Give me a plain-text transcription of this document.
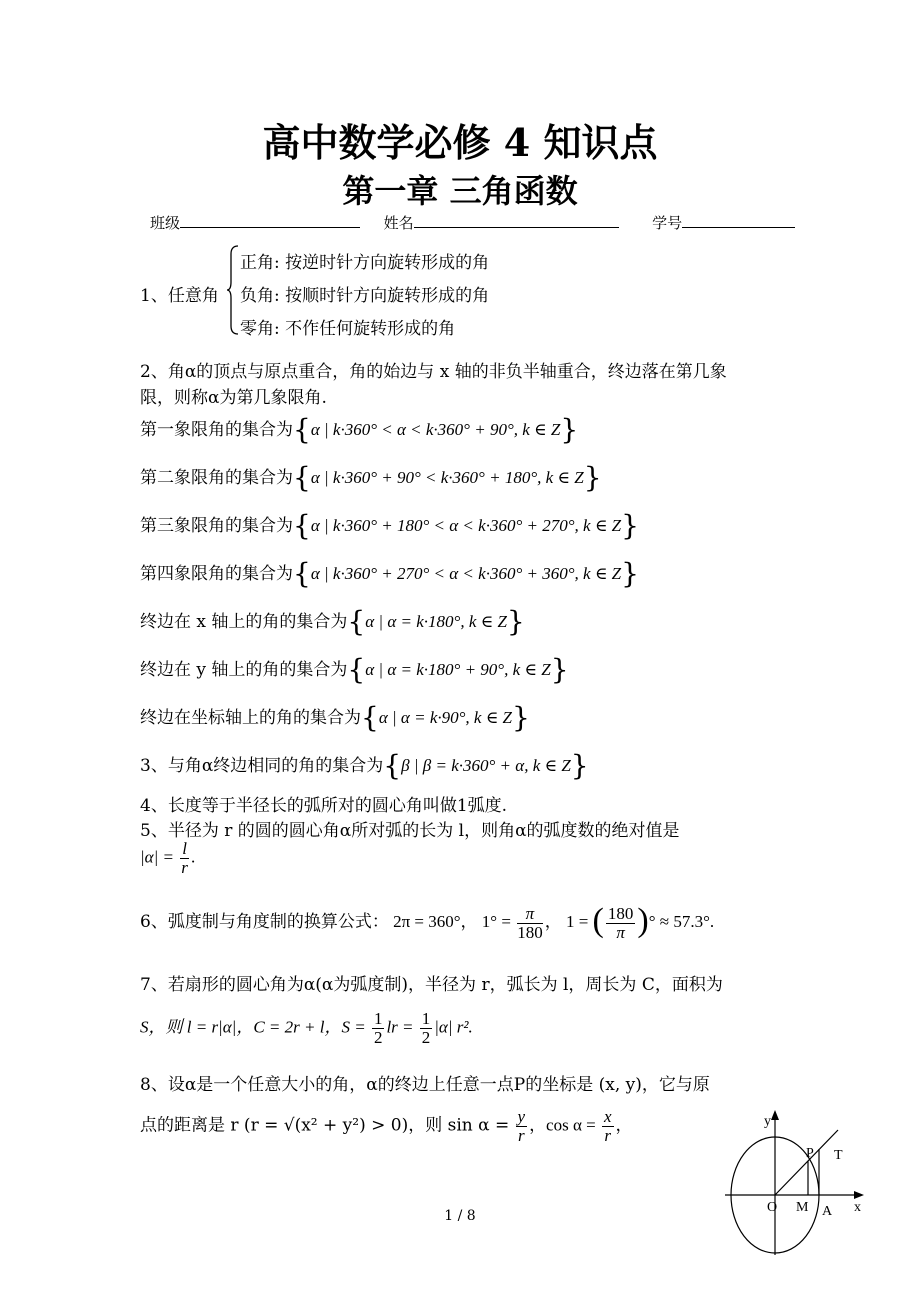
高中数学必修 4 知识点
第一章 三角函数
班级	姓名	学号
1、任意角
正角: 按逆时针方向旋转形成的角
负角: 按顺时针方向旋转形成的角
零角: 不作任何旋转形成的角
2、角α的顶点与原点重合，角的始边与 x 轴的非负半轴重合，终边落在第几象
限，则称α为第几象限角.
第一象限角的集合为{α | k·360° < α < k·360° + 90°, k ∈ Z}
第二象限角的集合为{α | k·360° + 90° < k·360° + 180°, k ∈ Z}
第三象限角的集合为{α | k·360° + 180° < α < k·360° + 270°, k ∈ Z}
第四象限角的集合为{α | k·360° + 270° < α < k·360° + 360°, k ∈ Z}
终边在 x 轴上的角的集合为{α | α = k·180°, k ∈ Z}
终边在 y 轴上的角的集合为{α | α = k·180° + 90°, k ∈ Z}
终边在坐标轴上的角的集合为{α | α = k·90°, k ∈ Z}
3、与角α终边相同的角的集合为{β | β = k·360° + α, k ∈ Z}
4、长度等于半径长的弧所对的圆心角叫做1弧度.
5、半径为 r 的圆的圆心角α所对弧的长为 l，则角α的弧度数的绝对值是
$|\alpha| = \frac{l}{r}$ .
6、弧度制与角度制的换算公式： 2π = 360°， $1^\circ = \frac{\pi}{180}$ ， 1 = ( $\frac{180}{\pi}$ )° ≈ 57.3°.
7、若扇形的圆心角为α(α为弧度制)，半径为 r，弧长为 l，周长为 C，面积为
S，则 l = r|α|，C = 2r + l，$S = \frac{1}{2}$ lr = $\frac{1}{2} |\alpha|$ r².
8、设α是一个任意大小的角，α的终边上任意一点P的坐标是 (x, y)，它与原
点的距离是 r (r = √(x² + y²) > 0)，则 $\sin \alpha = \frac{y}{r}$ ，$\cos \alpha = \frac{x}{r}$ ，	y
x
O M A
P T
1 / 8
